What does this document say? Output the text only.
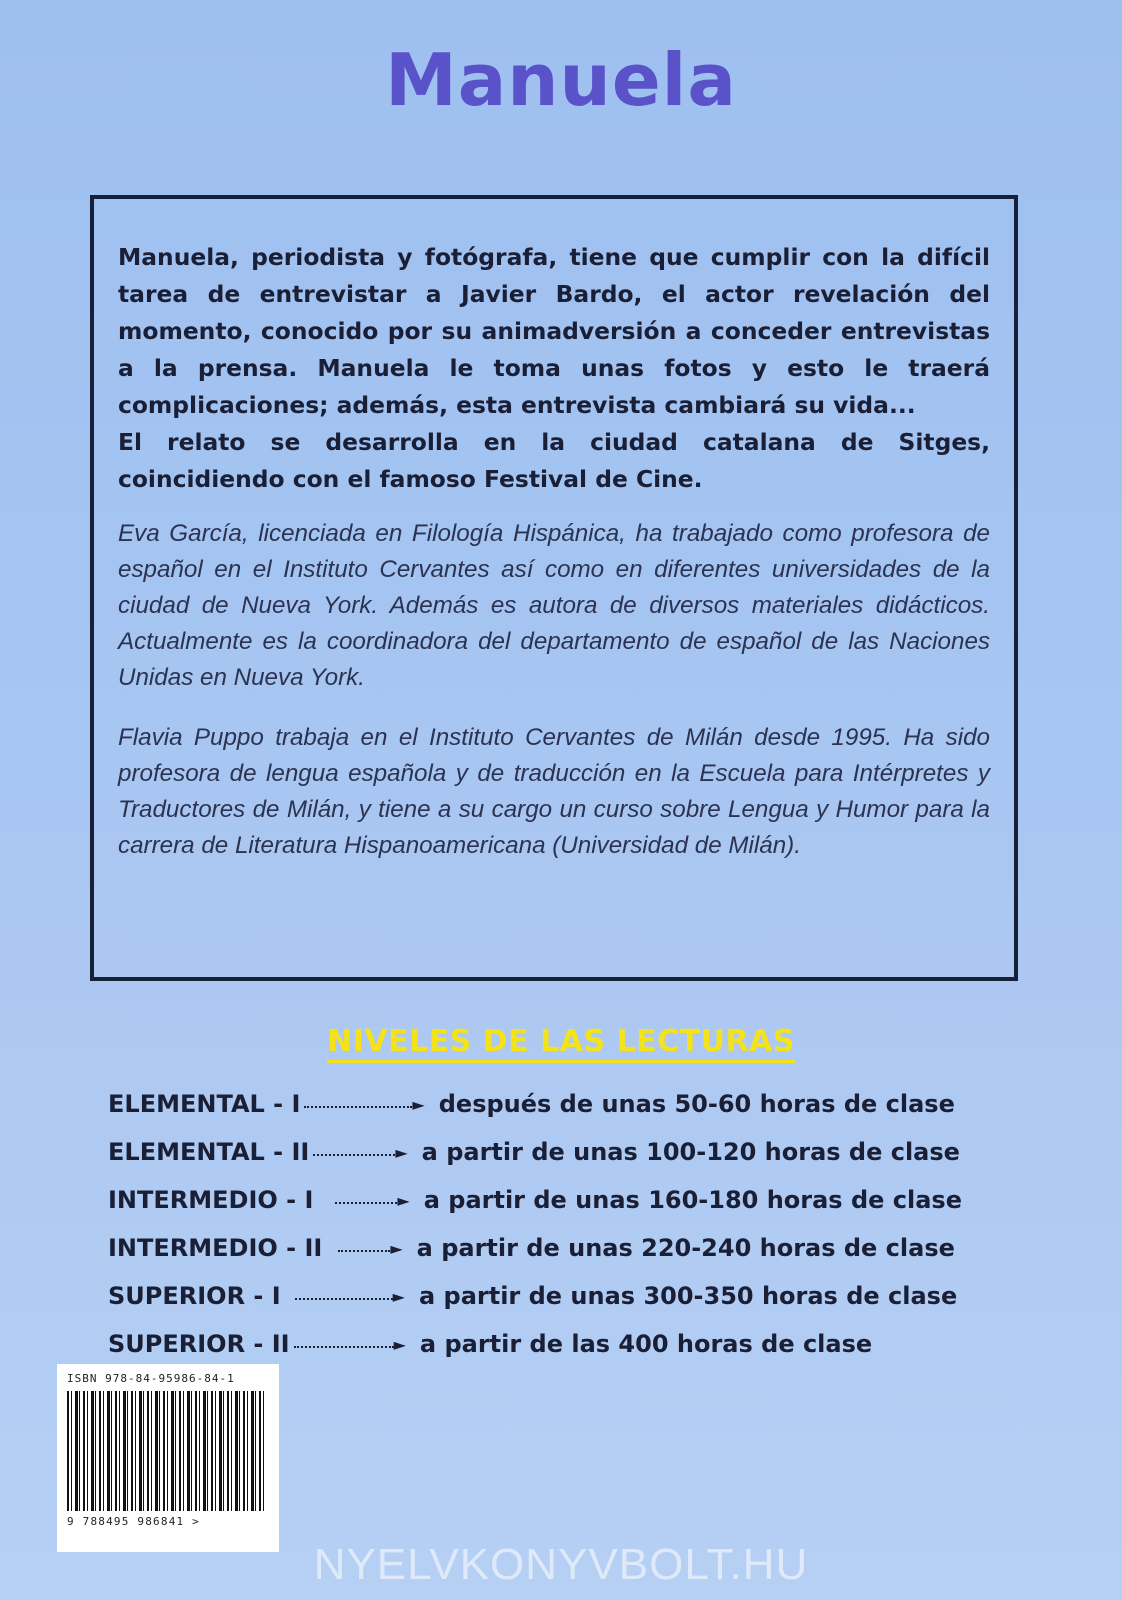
Manuela

Manuela, periodista y fotógrafa, tiene que cumplir con la difícil tarea de entrevistar a Javier Bardo, el actor revelación del momento, conocido por su animadversión a conceder entrevistas a la prensa. Manuela le toma unas fotos y esto le traerá complicaciones; además, esta entrevista cambiará su vida...
El relato se desarrolla en la ciudad catalana de Sitges, coincidiendo con el famoso Festival de Cine.

Eva García, licenciada en Filología Hispánica, ha trabajado como profesora de español en el Instituto Cervantes así como en diferentes universidades de la ciudad de Nueva York. Además es autora de diversos materiales didácticos. Actualmente es la coordinadora del departamento de español de las Naciones Unidas en Nueva York.

Flavia Puppo trabaja en el Instituto Cervantes de Milán desde 1995. Ha sido profesora de lengua española y de traducción en la Escuela para Intérpretes y Traductores de Milán, y tiene a su cargo un curso sobre Lengua y Humor para la carrera de Literatura Hispanoamericana (Universidad de Milán).

NIVELES DE LAS LECTURAS
ELEMENTAL - I	► después de unas 50-60 horas de clase
ELEMENTAL - II	► a partir de unas 100-120 horas de clase
INTERMEDIO - I	► a partir de unas 160-180 horas de clase
INTERMEDIO - II	► a partir de unas 220-240 horas de clase
SUPERIOR - I	► a partir de unas 300-350 horas de clase
SUPERIOR - II	► a partir de las 400 horas de clase
ISBN 978-84-95986-84-1
9 788495 986841 >
NYELVKONYVBOLT.HU
